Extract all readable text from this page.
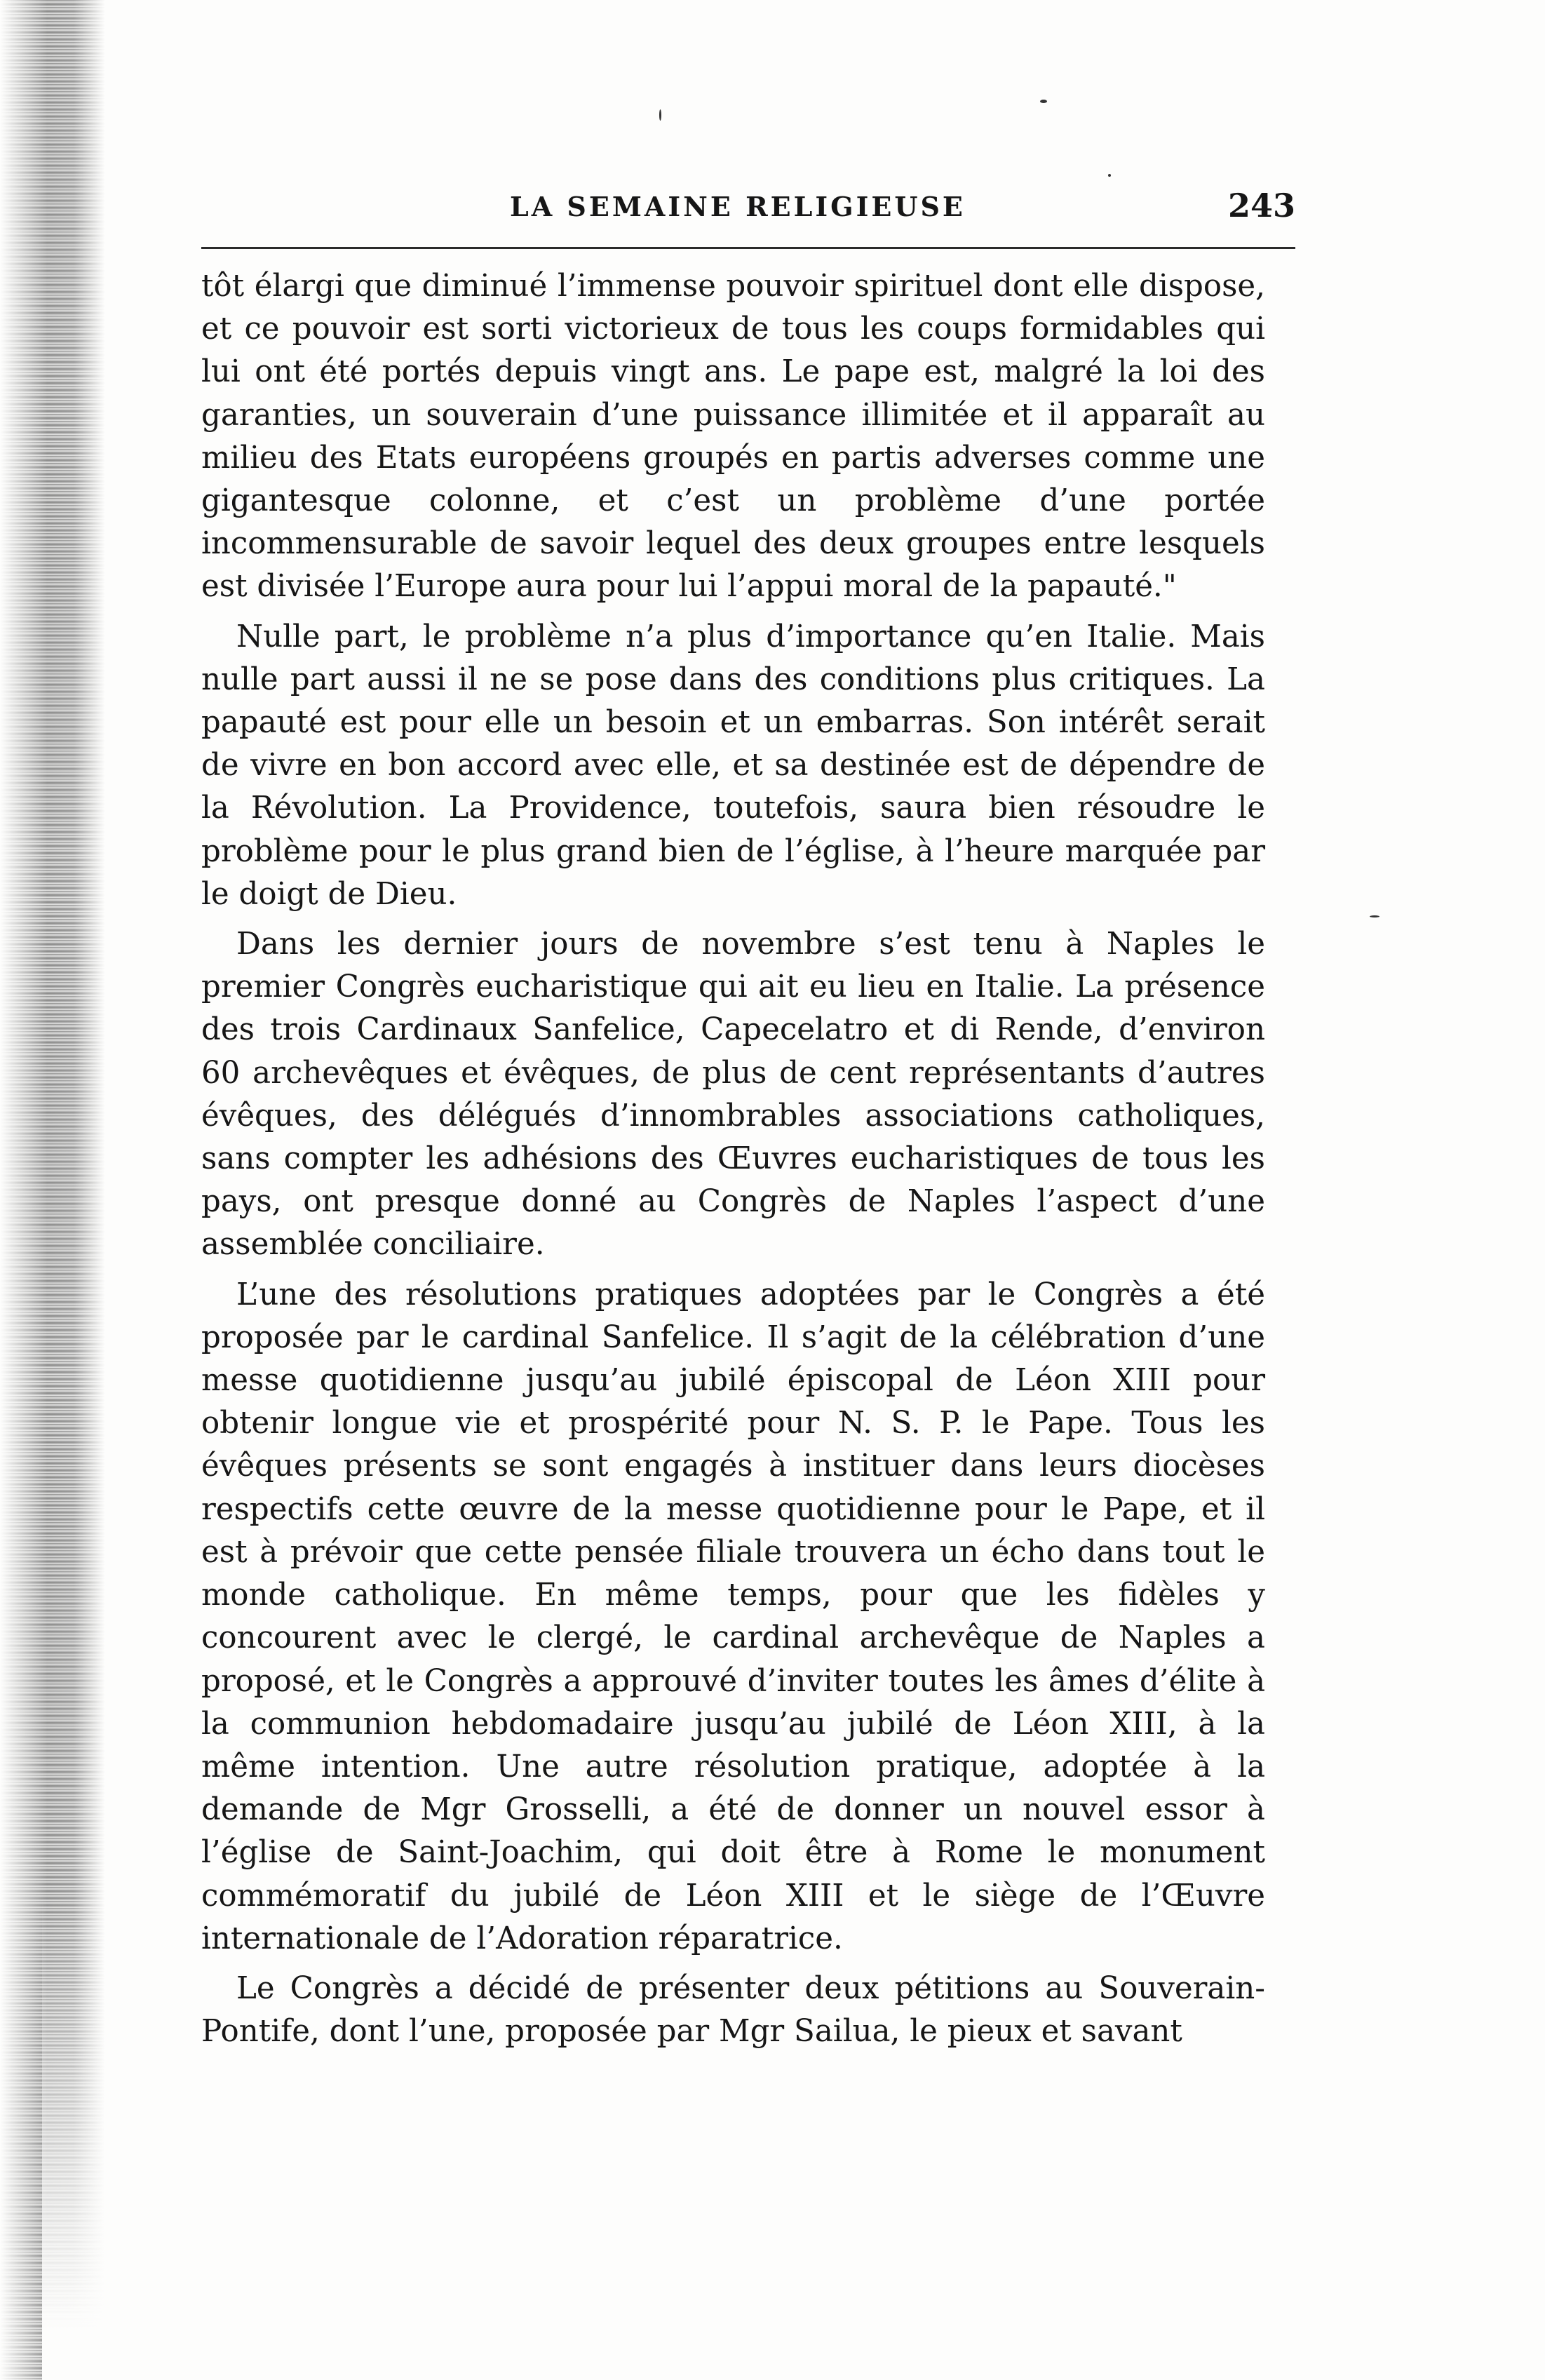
LA SEMAINE RELIGIEUSE	243

tôt élargi que diminué l’immense pouvoir spirituel dont elle dispose, et ce pouvoir est sorti victorieux de tous les coups formidables qui lui ont été portés depuis vingt ans. Le pape est, malgré la loi des garanties, un souverain d’une puissance illimitée et il apparaît au milieu des Etats européens groupés en partis adverses comme une gigantesque colonne, et c’est un problème d’une portée incommensurable de savoir lequel des deux groupes entre lesquels est divisée l’Europe aura pour lui l’appui moral de la papauté."

Nulle part, le problème n’a plus d’importance qu’en Italie. Mais nulle part aussi il ne se pose dans des conditions plus critiques. La papauté est pour elle un besoin et un embarras. Son intérêt serait de vivre en bon accord avec elle, et sa destinée est de dépendre de la Révolution. La Providence, toutefois, saura bien résoudre le problème pour le plus grand bien de l’église, à l’heure marquée par le doigt de Dieu.

Dans les dernier jours de novembre s’est tenu à Naples le premier Congrès eucharistique qui ait eu lieu en Italie. La présence des trois Cardinaux Sanfelice, Capecelatro et di Rende, d’environ 60 archevêques et évêques, de plus de cent représentants d’autres évêques, des délégués d’innombrables associations catholiques, sans compter les adhésions des Œuvres eucharistiques de tous les pays, ont presque donné au Congrès de Naples l’aspect d’une assemblée conciliaire.

L’une des résolutions pratiques adoptées par le Congrès a été proposée par le cardinal Sanfelice. Il s’agit de la célébration d’une messe quotidienne jusqu’au jubilé épiscopal de Léon XIII pour obtenir longue vie et prospérité pour N. S. P. le Pape. Tous les évêques présents se sont engagés à instituer dans leurs diocèses respectifs cette œuvre de la messe quotidienne pour le Pape, et il est à prévoir que cette pensée filiale trouvera un écho dans tout le monde catholique. En même temps, pour que les fidèles y concourent avec le clergé, le cardinal archevêque de Naples a proposé, et le Congrès a approuvé d’inviter toutes les âmes d’élite à la communion hebdomadaire jusqu’au jubilé de Léon XIII, à la même intention. Une autre résolution pratique, adoptée à la demande de Mgr Grosselli, a été de donner un nouvel essor à l’église de Saint-Joachim, qui doit être à Rome le monument commémoratif du jubilé de Léon XIII et le siège de l’Œuvre internationale de l’Adoration réparatrice.

Le Congrès a décidé de présenter deux pétitions au Souverain-Pontife, dont l’une, proposée par Mgr Sailua, le pieux et savant
